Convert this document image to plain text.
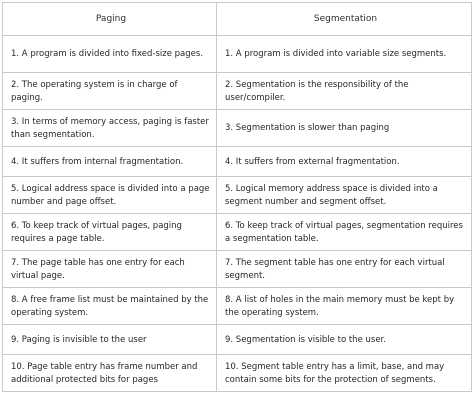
Paging	Segmentation
1. A program is divided into fixed-size pages.	1. A program is divided into variable size segments.
2. The operating system is in charge of paging.	2. Segmentation is the responsibility of the user/compiler.
3. In terms of memory access, paging is faster than segmentation.	3. Segmentation is slower than paging
4. It suffers from internal fragmentation.	4. It suffers from external fragmentation.
5. Logical address space is divided into a page number and page offset.	5. Logical memory address space is divided into a segment number and segment offset.
6. To keep track of virtual pages, paging requires a page table.	6. To keep track of virtual pages, segmentation requires a segmentation table.
7. The page table has one entry for each virtual page.	7. The segment table has one entry for each virtual segment.
8. A free frame list must be maintained by the operating system.	8. A list of holes in the main memory must be kept by the operating system.
9. Paging is invisible to the user	9. Segmentation is visible to the user.
10. Page table entry has frame number and additional protected bits for pages	10. Segment table entry has a limit, base, and may contain some bits for the protection of segments.
